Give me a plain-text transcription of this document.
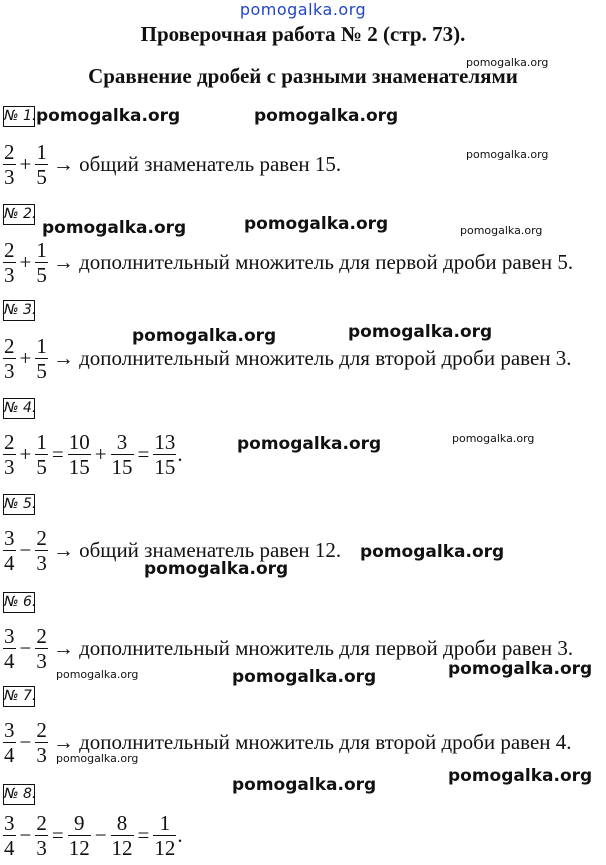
pomogalka.org
Проверочная работа № 2 (стр. 73).
Сравнение дробей с разными знаменателями
pomogalka.org
pomogalka.org	pomogalka.org
pomogalka.org
pomogalka.org	pomogalka.org	pomogalka.org
pomogalka.org	pomogalka.org
pomogalka.org	pomogalka.org
pomogalka.org
pomogalka.org
pomogalka.org	pomogalka.org	pomogalka.org
pomogalka.org
pomogalka.org
pomogalka.org
№ 1.
$\frac{2}{3} + \frac{1}{5}$ → общий знаменатель равен 15.
№ 2.
$\frac{2}{3} + \frac{1}{5}$ → дополнительный множитель для первой дроби равен 5.
№ 3.
$\frac{2}{3} + \frac{1}{5}$ → дополнительный множитель для второй дроби равен 3.
№ 4.
$\frac{2}{3} + \frac{1}{5} = \frac{10}{15} + \frac{3}{15} = \frac{13}{15}$ .
№ 5.
$\frac{3}{4} - \frac{2}{3}$ → общий знаменатель равен 12.
№ 6.
$\frac{3}{4} - \frac{2}{3}$ → дополнительный множитель для первой дроби равен 3.
№ 7.
$\frac{3}{4} - \frac{2}{3}$ → дополнительный множитель для второй дроби равен 4.
№ 8.
$\frac{3}{4} - \frac{2}{3} = \frac{9}{12} - \frac{8}{12} = \frac{1}{12}$ .
